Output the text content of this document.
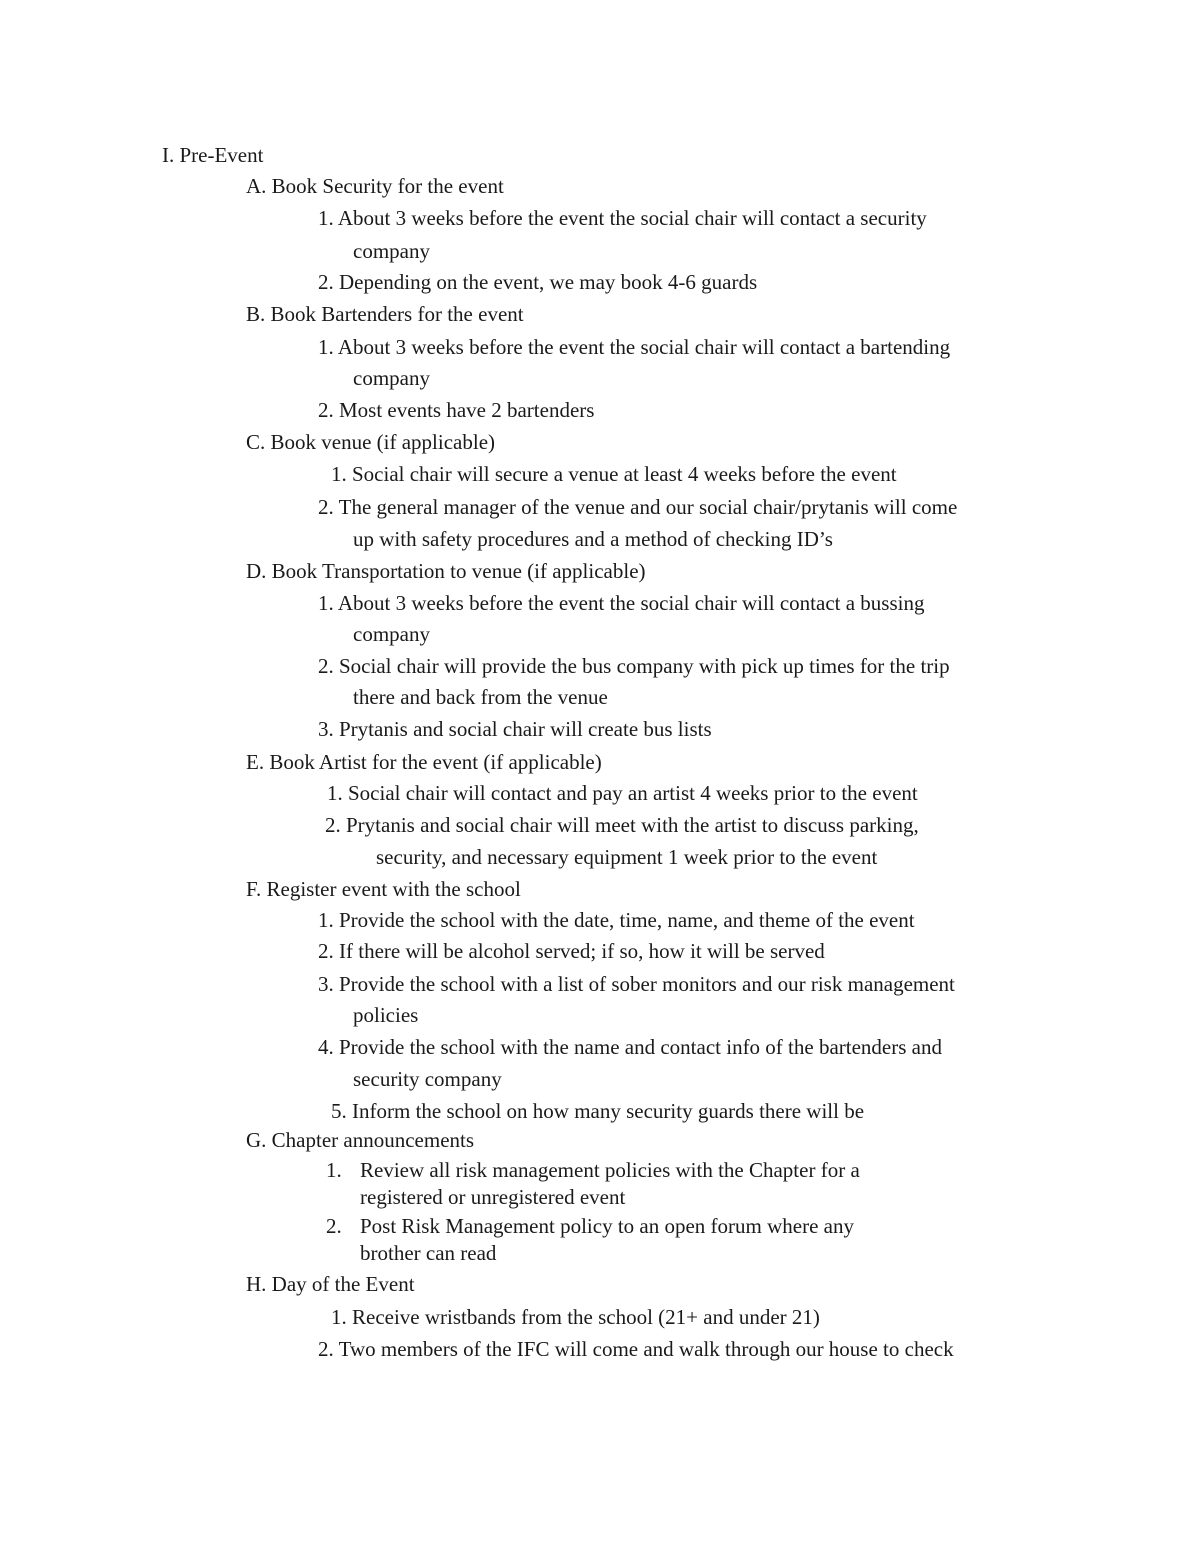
I. Pre-Event
A. Book Security for the event
1. About 3 weeks before the event the social chair will contact a security
company
2. Depending on the event, we may book 4-6 guards
B. Book Bartenders for the event
1. About 3 weeks before the event the social chair will contact a bartending
company
2. Most events have 2 bartenders
C. Book venue (if applicable)
1. Social chair will secure a venue at least 4 weeks before the event
2. The general manager of the venue and our social chair/prytanis will come
up with safety procedures and a method of checking ID’s
D. Book Transportation to venue (if applicable)
1. About 3 weeks before the event the social chair will contact a bussing
company
2. Social chair will provide the bus company with pick up times for the trip
there and back from the venue
3. Prytanis and social chair will create bus lists
E. Book Artist for the event (if applicable)
1. Social chair will contact and pay an artist 4 weeks prior to the event
2. Prytanis and social chair will meet with the artist to discuss parking,
security, and necessary equipment 1 week prior to the event
F. Register event with the school
1. Provide the school with the date, time, name, and theme of the event
2. If there will be alcohol served; if so, how it will be served
3. Provide the school with a list of sober monitors and our risk management
policies
4. Provide the school with the name and contact info of the bartenders and
security company
5. Inform the school on how many security guards there will be
G. Chapter announcements
1. Review all risk management policies with the Chapter for a
registered or unregistered event
2. Post Risk Management policy to an open forum where any
brother can read
H. Day of the Event
1. Receive wristbands from the school (21+ and under 21)
2. Two members of the IFC will come and walk through our house to check
